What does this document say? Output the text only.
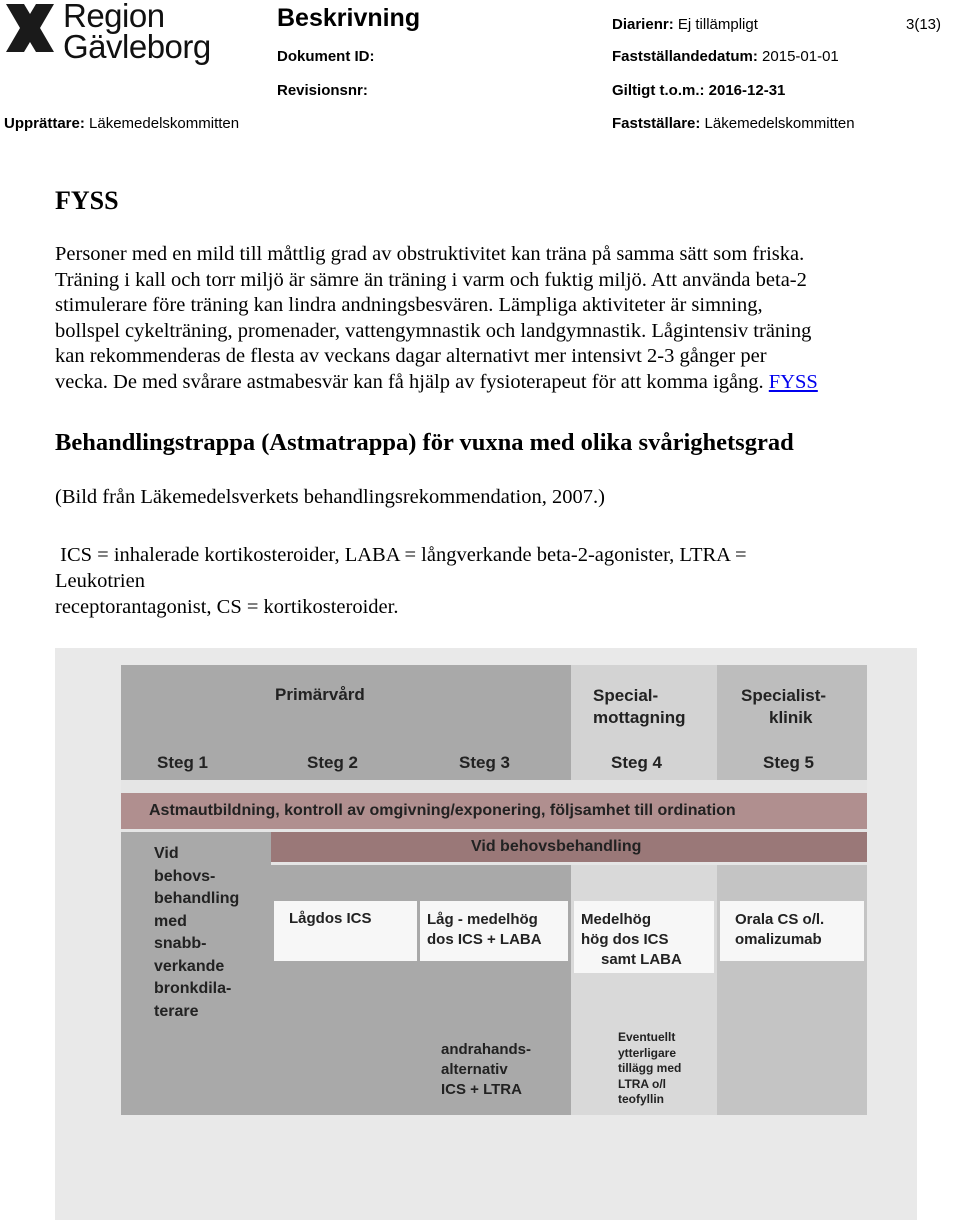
Region
Gävleborg
Beskrivning	Diarienr: Ej tillämpligt	3(13)
Dokument ID:	Fastställandedatum: 2015-01-01
Revisionsnr:	Giltigt t.o.m.: 2016-12-31
Upprättare: Läkemedelskommitten	Fastställare: Läkemedelskommitten
FYSS
Personer med en mild till måttlig grad av obstruktivitet kan träna på samma sätt som friska.
Träning i kall och torr miljö är sämre än träning i varm och fuktig miljö. Att använda beta-2
stimulerare före träning kan lindra andningsbesvären. Lämpliga aktiviteter är simning,
bollspel cykelträning, promenader, vattengymnastik och landgymnastik. Lågintensiv träning
kan rekommenderas de flesta av veckans dagar alternativt mer intensivt 2-3 gånger per
vecka. De med svårare astmabesvär kan få hjälp av fysioterapeut för att komma igång. FYSS
Behandlingstrappa (Astmatrappa) för vuxna med olika svårighetsgrad
(Bild från Läkemedelsverkets behandlingsrekommendation, 2007.)
ICS = inhalerade kortikosteroider, LABA = långverkande beta-2-agonister, LTRA =
Leukotrien
receptorantagonist, CS = kortikosteroider.
Primärvård	Special-
mottagning
Specialist-
klinik
Steg 1	Steg 2	Steg 3	Steg 4	Steg 5
Astmautbildning, kontroll av omgivning/exponering, följsamhet till ordination
Vid
behovs-
behandling
med
snabb-
verkande
bronkdila-
terare
Vid behovsbehandling
Lågdos ICS	Låg - medelhög
dos ICS + LABA
Medelhög
hög dos ICS
samt LABA
Orala CS o/l.
omalizumab
andrahands-
alternativ
ICS + LTRA
Eventuellt
ytterligare
tillägg med
LTRA o/l
teofyllin
